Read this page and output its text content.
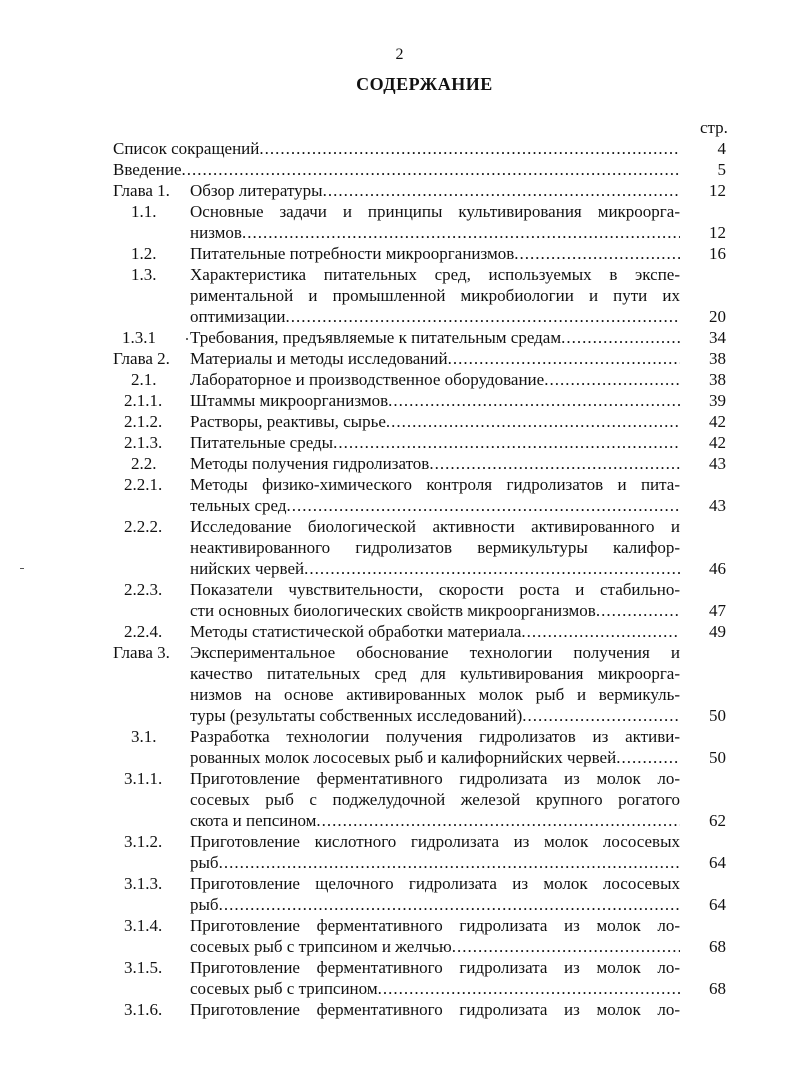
2
СОДЕРЖАНИЕ
стр.
Список сокращений .....	4
Введение .....	5
Глава 1. Обзор литературы .....	12
1.1. Основные задачи и принципы культивирования микроорга-
низмов .....	12
1.2. Питательные потребности микроорганизмов .....	16
1.3. Характеристика питательных сред, используемых в экспе-
риментальной и промышленной микробиологии и пути их
оптимизации .....	20
1.3.1 Требования, предъявляемые к питательным средам .....	34
Глава 2. Материалы и методы исследований .....	38
2.1. Лабораторное и производственное оборудование .....	38
2.1.1. Штаммы микроорганизмов .....	39
2.1.2. Растворы, реактивы, сырье .....	42
2.1.3. Питательные среды .....	42
2.2. Методы получения гидролизатов .....	43
2.2.1. Методы физико-химического контроля гидролизатов и пита-
тельных сред .....	43
2.2.2. Исследование биологической активности активированного и
неактивированного гидролизатов вермикультуры калифор-
нийских червей .....	46
2.2.3. Показатели чувствительности, скорости роста и стабильно-
сти основных биологических свойств микроорганизмов .....	47
2.2.4. Методы статистической обработки материала .....	49
Глава 3. Экспериментальное обоснование технологии получения и
качество питательных сред для культивирования микроорга-
низмов на основе активированных молок рыб и вермикуль-
туры (результаты собственных исследований) .....	50
3.1. Разработка технологии получения гидролизатов из активи-
рованных молок лососевых рыб и калифорнийских червей .....	50
3.1.1. Приготовление ферментативного гидролизата из молок ло-
сосевых рыб с поджелудочной железой крупного рогатого
скота и пепсином .....	62
3.1.2. Приготовление кислотного гидролизата из молок лососевых
рыб .....	64
3.1.3. Приготовление щелочного гидролизата из молок лососевых
рыб .....	64
3.1.4. Приготовление ферментативного гидролизата из молок ло-
сосевых рыб с трипсином и желчью .....	68
3.1.5. Приготовление ферментативного гидролизата из молок ло-
сосевых рыб с трипсином .....	68
3.1.6. Приготовление ферментативного гидролизата из молок ло-
